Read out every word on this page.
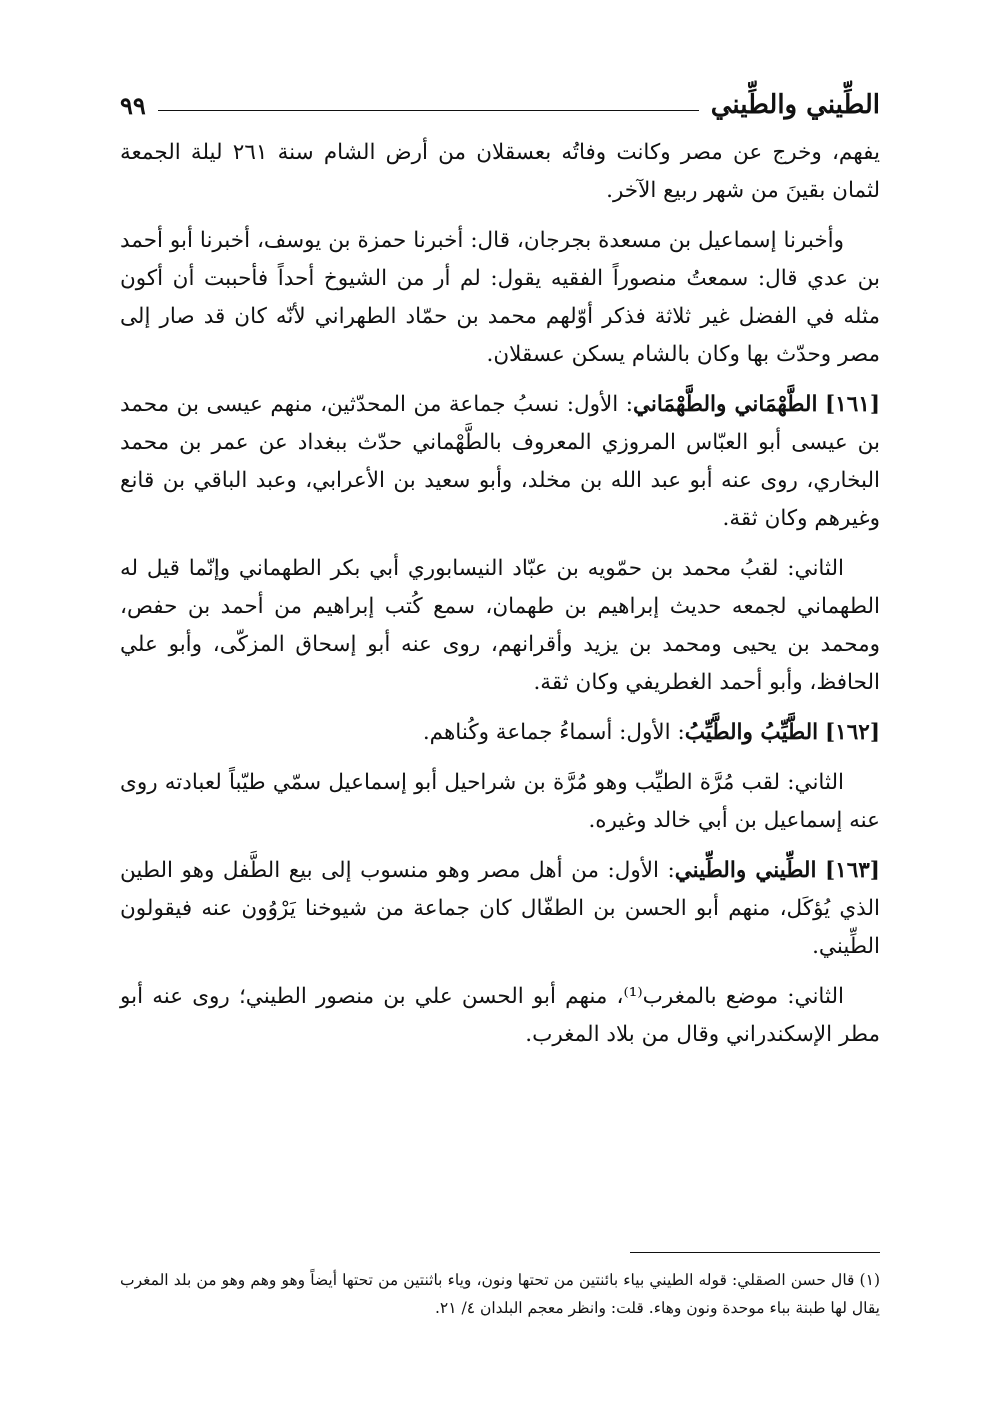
الطِّيني والطِّيني
٩٩

يفهم، وخرج عن مصر وكانت وفاتُه بعسقلان من أرض الشام سنة ٢٦١ ليلة الجمعة لثمان بقينَ من شهر ربيع الآخر.

وأخبرنا إسماعيل بن مسعدة بجرجان، قال: أخبرنا حمزة بن يوسف، أخبرنا أبو أحمد بن عدي قال: سمعتُ منصوراً الفقيه يقول: لم أر من الشيوخ أحداً فأحببت أن أكون مثله في الفضل غير ثلاثة فذكر أوّلهم محمد بن حمّاد الطهراني لأنّه كان قد صار إلى مصر وحدّث بها وكان بالشام يسكن عسقلان.

[١٦١] الطَّهْمَاني والطَّهْمَاني: الأول: نسبُ جماعة من المحدّثين، منهم عيسى بن محمد بن عيسى أبو العبّاس المروزي المعروف بالطَّهْماني حدّث ببغداد عن عمر بن محمد البخاري، روى عنه أبو عبد الله بن مخلد، وأبو سعيد بن الأعرابي، وعبد الباقي بن قانع وغيرهم وكان ثقة.

الثاني: لقبُ محمد بن حمّويه بن عبّاد النيسابوري أبي بكر الطهماني وإنّما قيل له الطهماني لجمعه حديث إبراهيم بن طهمان، سمع كُتب إبراهيم من أحمد بن حفص، ومحمد بن يحيى ومحمد بن يزيد وأقرانهم، روى عنه أبو إسحاق المزكّى، وأبو علي الحافظ، وأبو أحمد الغطريفي وكان ثقة.

[١٦٢] الطَّيِّبُ والطَّيِّبُ: الأول: أسماءُ جماعة وكُناهم.

الثاني: لقب مُرَّة الطيِّب وهو مُرَّة بن شراحيل أبو إسماعيل سمّي طيّباً لعبادته روى عنه إسماعيل بن أبي خالد وغيره.

[١٦٣] الطِّيني والطِّيني: الأول: من أهل مصر وهو منسوب إلى بيع الطَّفل وهو الطين الذي يُؤكَل، منهم أبو الحسن بن الطفّال كان جماعة من شيوخنا يَرْوُون عنه فيقولون الطِّيني.

الثاني: موضع بالمغرب⁽¹⁾، منهم أبو الحسن علي بن منصور الطيني؛ روى عنه أبو مطر الإسكندراني وقال من بلاد المغرب.

(١) قال حسن الصقلي: قوله الطيني بياء بائنتين من تحتها ونون، وياء باثنتين من تحتها أيضاً وهو وهم وهو من بلد المغرب يقال لها طبنة بباء موحدة ونون وهاء. قلت: وانظر معجم البلدان ٤/ ٢١.
